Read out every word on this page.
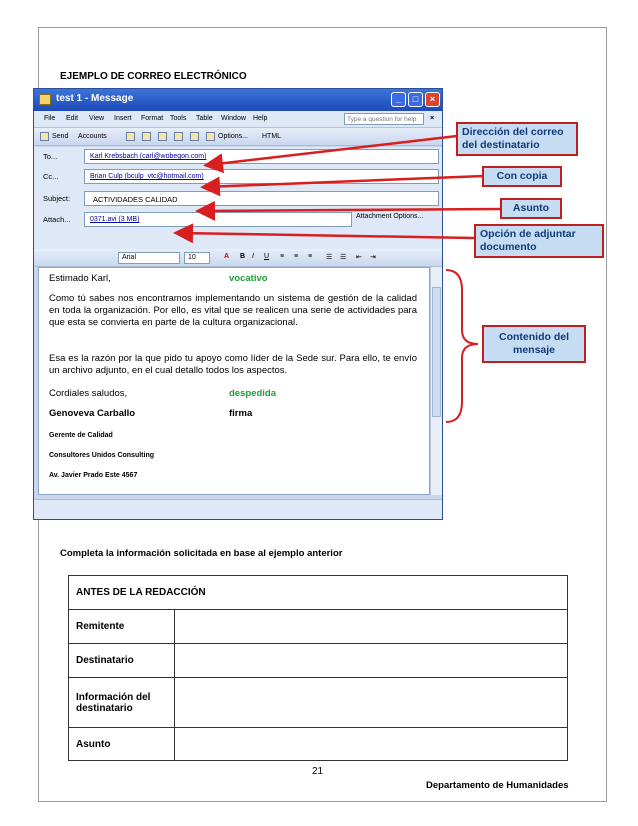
EJEMPLO DE CORREO ELECTRÓNICO
test 1 - Message	_	□	×
File Edit View Insert Format Tools Table Window Help	Type a question for help	×
Send Accounts	Options... HTML
To...	Karl Krebsbach (carl@wobegon.com)
Cc...	Brian Culp (bculp_vtc@hotmail.com)
Subject:	ACTIVIDADES CALIDAD
Attach...	0371.avi (3 MB)	Attachment Options...
Arial	10	A B I U ≡ ≡ ≡ ☰ ☰ ⇤ ⇥
Estimado Karl,	vocativo
Como tú sabes nos encontramos implementando un sistema de gestión de la calidad en toda la organización. Por ello, es vital que se realicen una serie de actividades para que esta se convierta en parte de la cultura organizacional.
Esa es la razón por la que pido tu apoyo como líder de la Sede sur. Para ello, te envío un archivo adjunto, en el cual detallo todos los aspectos.
Cordiales saludos,	despedida
Genoveva Carballo	firma
Gerente de Calidad
Consultores Unidos Consulting
Av. Javier Prado Este 4567
Dirección del correo del destinatario
Con copia
Asunto
Opción de adjuntar documento
Contenido del mensaje
Completa la información solicitada en base al ejemplo anterior
ANTES DE LA REDACCIÓN	
Remitente	
Destinatario	
Información del destinatario	
Asunto	
21
Departamento de Humanidades
